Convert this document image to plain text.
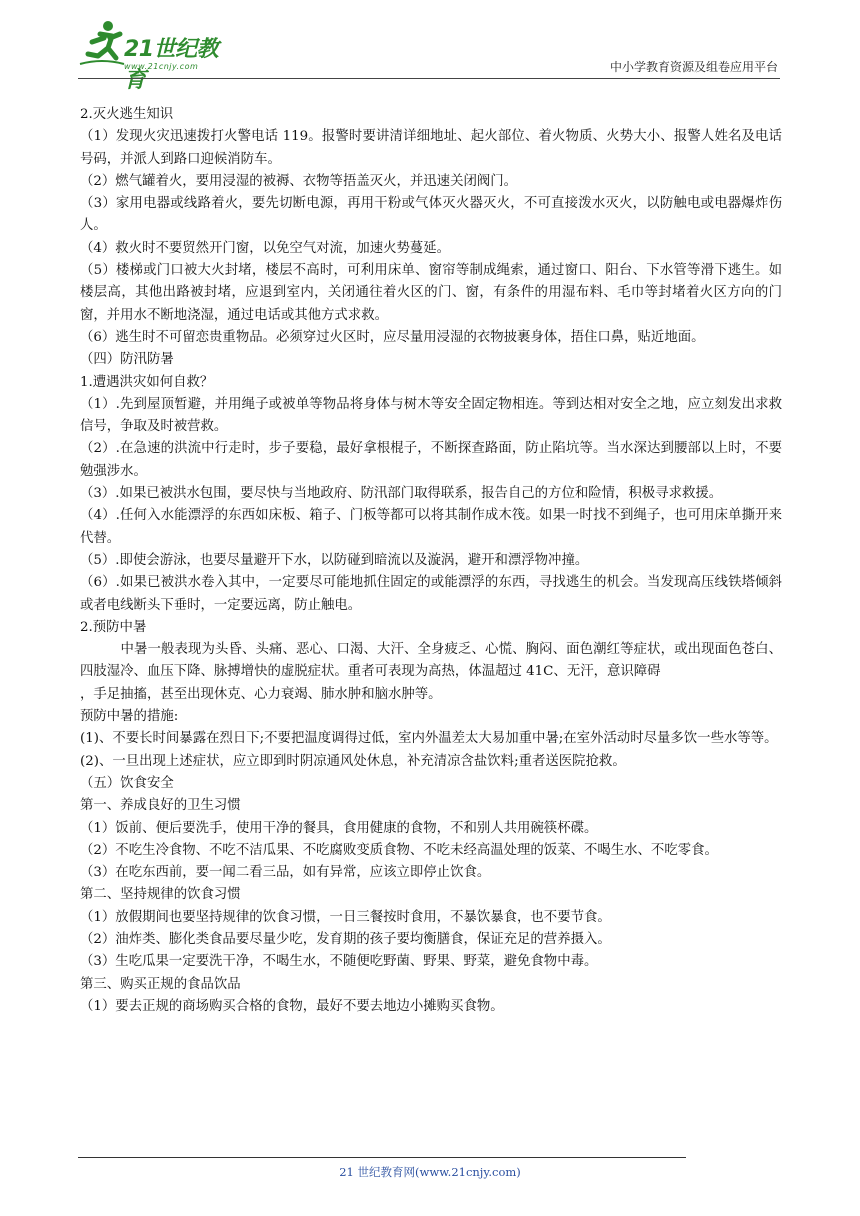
21世纪教育
www.21cnjy.com	中小学教育资源及组卷应用平台

2.灭火逃生知识

（1）发现火灾迅速拨打火警电话 119。报警时要讲清详细地址、起火部位、着火物质、火势大小、报警人姓名及电话号码，并派人到路口迎候消防车。

（2）燃气罐着火，要用浸湿的被褥、衣物等捂盖灭火，并迅速关闭阀门。

（3）家用电器或线路着火，要先切断电源，再用干粉或气体灭火器灭火，不可直接泼水灭火，以防触电或电器爆炸伤人。

（4）救火时不要贸然开门窗，以免空气对流，加速火势蔓延。

（5）楼梯或门口被大火封堵，楼层不高时，可利用床单、窗帘等制成绳索，通过窗口、阳台、下水管等滑下逃生。如楼层高，其他出路被封堵，应退到室内，关闭通往着火区的门、窗，有条件的用湿布料、毛巾等封堵着火区方向的门窗，并用水不断地浇湿，通过电话或其他方式求救。

（6）逃生时不可留恋贵重物品。必须穿过火区时，应尽量用浸湿的衣物披裹身体，捂住口鼻，贴近地面。

（四）防汛防暑

1.遭遇洪灾如何自救？

（1）.先到屋顶暂避，并用绳子或被单等物品将身体与树木等安全固定物相连。等到达相对安全之地，应立刻发出求救信号，争取及时被营救。

（2）.在急速的洪流中行走时，步子要稳，最好拿根棍子，不断探查路面，防止陷坑等。当水深达到腰部以上时，不要勉强涉水。

（3）.如果已被洪水包围，要尽快与当地政府、防汛部门取得联系，报告自己的方位和险情，积极寻求救援。

（4）.任何入水能漂浮的东西如床板、箱子、门板等都可以将其制作成木筏。如果一时找不到绳子，也可用床单撕开来代替。

（5）.即使会游泳，也要尽量避开下水，以防碰到暗流以及漩涡，避开和漂浮物冲撞。

（6）.如果已被洪水卷入其中，一定要尽可能地抓住固定的或能漂浮的东西，寻找逃生的机会。当发现高压线铁塔倾斜或者电线断头下垂时，一定要远离，防止触电。

2.预防中暑

　　　中暑一般表现为头昏、头痛、恶心、口渴、大汗、全身疲乏、心慌、胸闷、面色潮红等症状，或出现面色苍白、四肢湿冷、血压下降、脉搏增快的虚脱症状。重者可表现为高热，体温超过 41C、无汗，意识障碍

，手足抽搐，甚至出现休克、心力衰竭、肺水肿和脑水肿等。

预防中暑的措施:

(1)、不要长时间暴露在烈日下;不要把温度调得过低，室内外温差太大易加重中暑;在室外活动时尽量多饮一些水等等。

(2)、一旦出现上述症状，应立即到时阴凉通风处休息，补充清凉含盐饮料;重者送医院抢救。

（五）饮食安全

第一、养成良好的卫生习惯

（1）饭前、便后要洗手，使用干净的餐具，食用健康的食物，不和别人共用碗筷杯碟。

（2）不吃生冷食物、不吃不洁瓜果、不吃腐败变质食物、不吃未经高温处理的饭菜、不喝生水、不吃零食。

（3）在吃东西前，要一闻二看三品，如有异常，应该立即停止饮食。

第二、坚持规律的饮食习惯

（1）放假期间也要坚持规律的饮食习惯，一日三餐按时食用，不暴饮暴食，也不要节食。

（2）油炸类、膨化类食品要尽量少吃，发育期的孩子要均衡膳食，保证充足的营养摄入。

（3）生吃瓜果一定要洗干净，不喝生水，不随便吃野菌、野果、野菜，避免食物中毒。

第三、购买正规的食品饮品

（1）要去正规的商场购买合格的食物，最好不要去地边小摊购买食物。

21 世纪教育网(www.21cnjy.com)
